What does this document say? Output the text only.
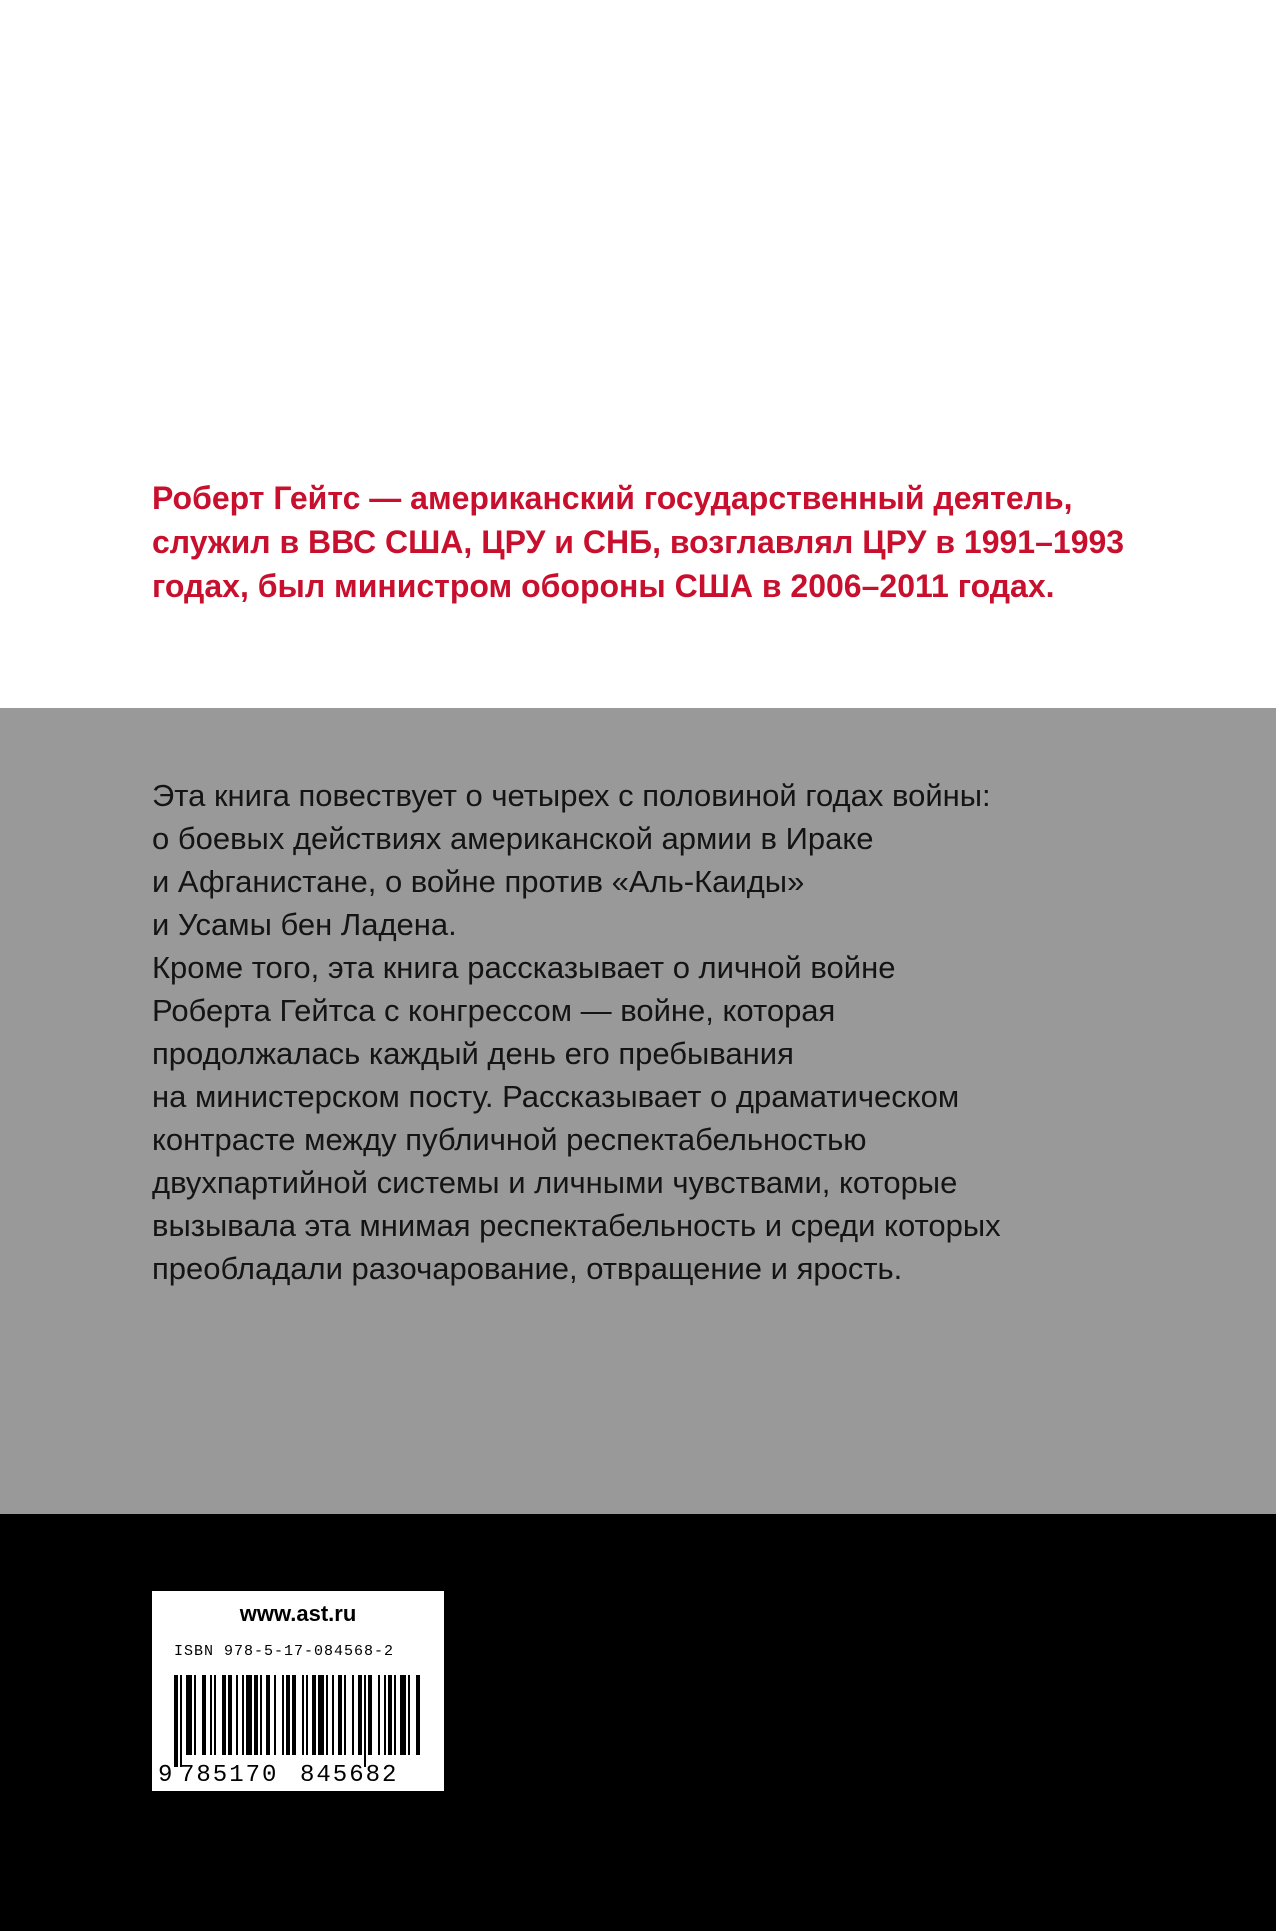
Роберт Гейтс — американский государственный деятель,
служил в ВВС США, ЦРУ и СНБ, возглавлял ЦРУ в 1991–1993
годах, был министром обороны США в 2006–2011 годах.

Эта книга повествует о четырех с половиной годах войны:
о боевых действиях американской армии в Ираке
и Афганистане, о войне против «Аль-Каиды»
и Усамы бен Ладена.
Кроме того, эта книга рассказывает о личной войне
Роберта Гейтса с конгрессом — войне, которая
продолжалась каждый день его пребывания
на министерском посту. Рассказывает о драматическом
контрасте между публичной респектабельностью
двухпартийной системы и личными чувствами, которые
вызывала эта мнимая респектабельность и среди которых
преобладали разочарование, отвращение и ярость.

www.ast.ru
ISBN 978-5-17-084568-2
9 785170 845682
